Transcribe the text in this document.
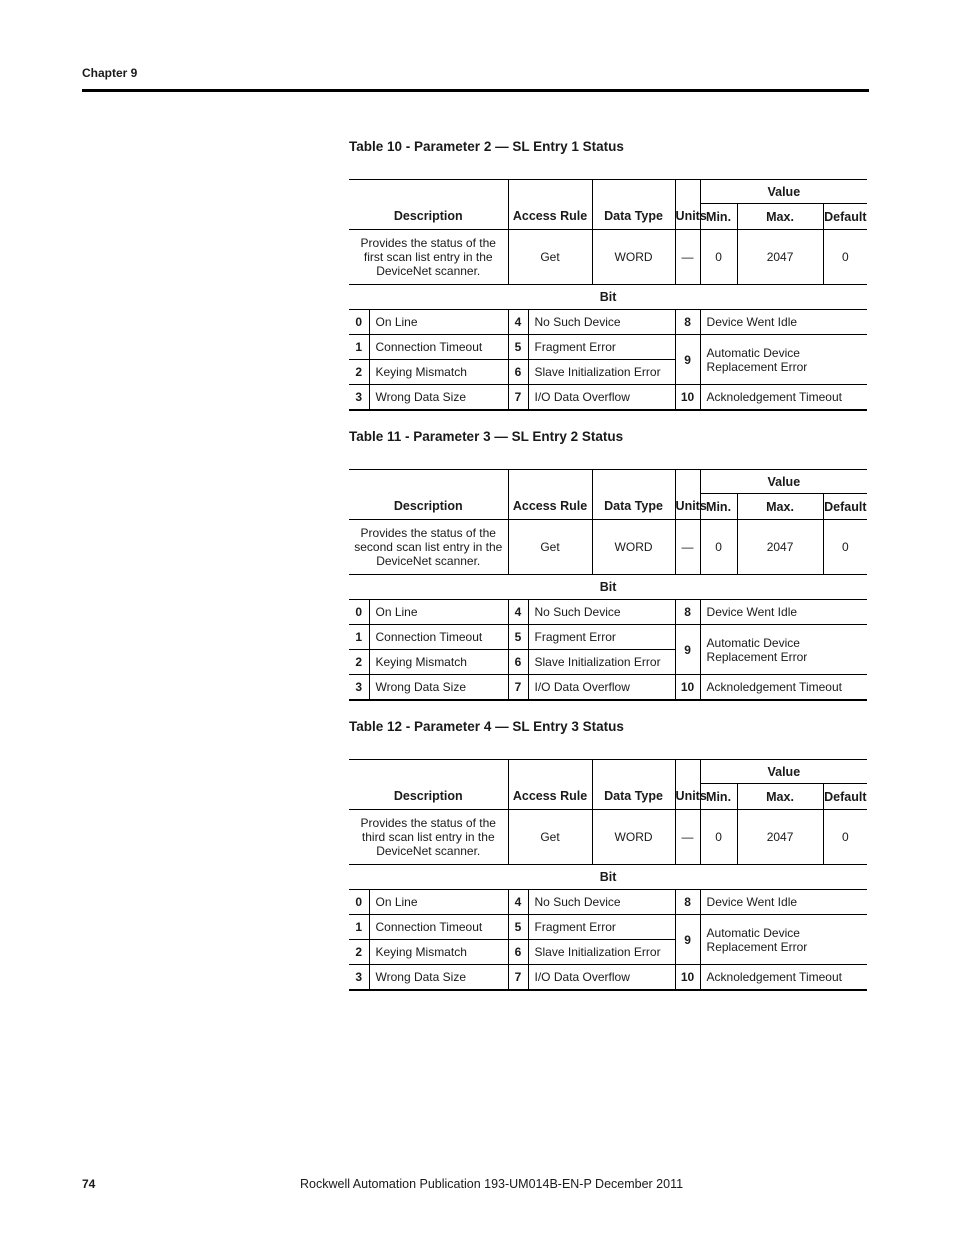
Chapter 9
Table 10 - Parameter 2 — SL Entry 1 Status
Description		Access Rule		Data Type	Units	Value		
						Min.	Max.	Default

Provides the status of the
first scan list entry in the
DeviceNet scanner.		Get		WORD	—	0	2047	0
Bit								
0	On Line	4	No Such Device		8	Device Went Idle		
1	Connection Timeout	5	Fragment Error		9	Automatic Device Replacement Error		
2	Keying Mismatch	6	Slave Initialization Error					
3	Wrong Data Size	7	I/O Data Overflow		10	Acknoledgement Timeout		
Table 11 - Parameter 3 — SL Entry 2 Status
Description		Access Rule		Data Type	Units	Value		
						Min.	Max.	Default

Provides the status of the
second scan list entry in the
DeviceNet scanner.		Get		WORD	—	0	2047	0
Bit								
0	On Line	4	No Such Device		8	Device Went Idle		
1	Connection Timeout	5	Fragment Error		9	Automatic Device Replacement Error		
2	Keying Mismatch	6	Slave Initialization Error					
3	Wrong Data Size	7	I/O Data Overflow		10	Acknoledgement Timeout		
Table 12 - Parameter 4 — SL Entry 3 Status
Description		Access Rule		Data Type	Units	Value		
						Min.	Max.	Default

Provides the status of the
third scan list entry in the
DeviceNet scanner.		Get		WORD	—	0	2047	0
Bit								
0	On Line	4	No Such Device		8	Device Went Idle		
1	Connection Timeout	5	Fragment Error		9	Automatic Device Replacement Error		
2	Keying Mismatch	6	Slave Initialization Error					
3	Wrong Data Size	7	I/O Data Overflow		10	Acknoledgement Timeout		
74	Rockwell Automation Publication 193-UM014B-EN-P December 2011
